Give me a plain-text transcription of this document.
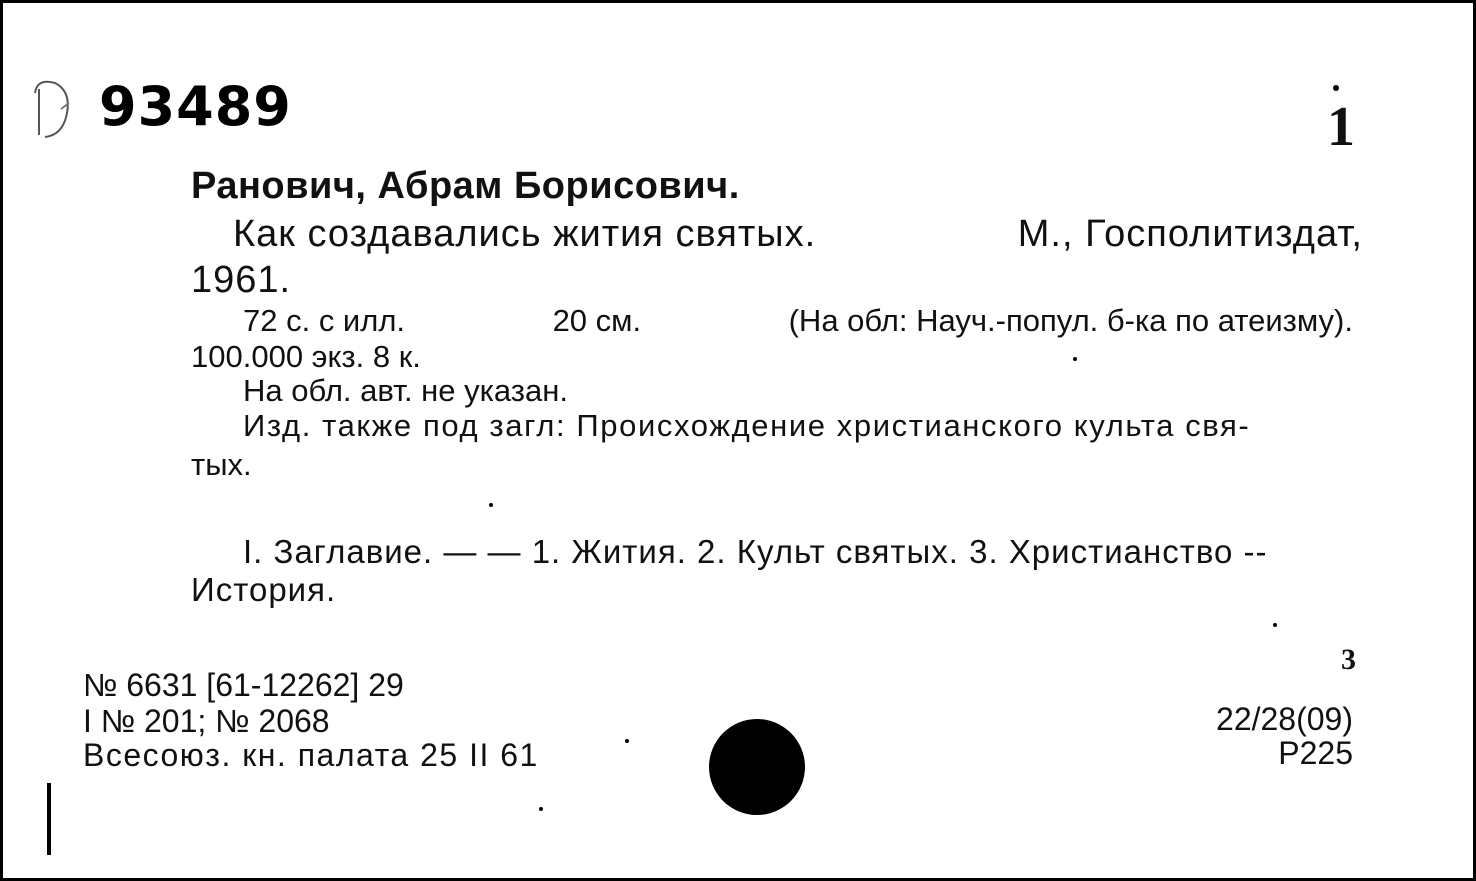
93489	1
Ранович, Абрам Борисович.
Как создавались жития святых.	М., Госполитиздат,
1961.
72 с. с илл.	20 см.	(На обл: Науч.-попул. б-ка по атеизму).
100.000 экз. 8 к.
На обл. авт. не указан.
Изд. также под загл: Происхождение христианского культа свя-
тых.
I. Заглавие. — — 1. Жития. 2. Культ святых. 3. Христианство --
История.
№ 6631 [61-12262] 29
I № 201; № 2068
Всесоюз. кн. палата 25 II 61
3
22/28(09)
Р225
